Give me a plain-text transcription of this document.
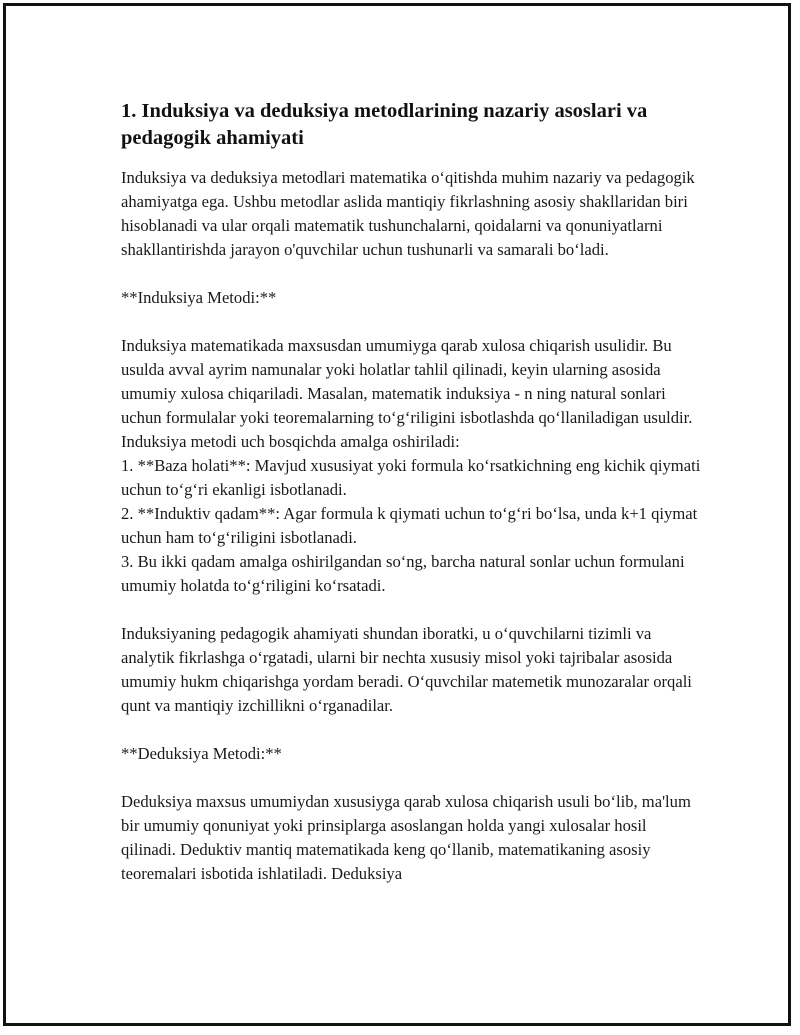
1. Induksiya va deduksiya metodlarining nazariy asoslari va pedagogik ahamiyati

Induksiya va deduksiya metodlari matematika o‘qitishda muhim nazariy va pedagogik ahamiyatga ega. Ushbu metodlar aslida mantiqiy fikrlashning asosiy shakllaridan biri hisoblanadi va ular orqali matematik tushunchalarni, qoidalarni va qonuniyatlarni shakllantirishda jarayon o'quvchilar uchun tushunarli va samarali bo‘ladi.

**Induksiya Metodi:**

Induksiya matematikada maxsusdan umumiyga qarab xulosa chiqarish usulidir. Bu usulda avval ayrim namunalar yoki holatlar tahlil qilinadi, keyin ularning asosida umumiy xulosa chiqariladi. Masalan, matematik induksiya - n ning natural sonlari uchun formulalar yoki teoremalarning to‘g‘riligini isbotlashda qo‘llaniladigan usuldir. Induksiya metodi uch bosqichda amalga oshiriladi:
1. **Baza holati**: Mavjud xususiyat yoki formula ko‘rsatkichning eng kichik qiymati uchun to‘g‘ri ekanligi isbotlanadi.
2. **Induktiv qadam**: Agar formula k qiymati uchun to‘g‘ri bo‘lsa, unda k+1 qiymat uchun ham to‘g‘riligini isbotlanadi.
3. Bu ikki qadam amalga oshirilgandan so‘ng, barcha natural sonlar uchun formulani umumiy holatda to‘g‘riligini ko‘rsatadi.

Induksiyaning pedagogik ahamiyati shundan iboratki, u o‘quvchilarni tizimli va analytik fikrlashga o‘rgatadi, ularni bir nechta xususiy misol yoki tajribalar asosida umumiy hukm chiqarishga yordam beradi. O‘quvchilar matemetik munozaralar orqali qunt va mantiqiy izchillikni o‘rganadilar.

**Deduksiya Metodi:**

Deduksiya maxsus umumiydan xususiyga qarab xulosa chiqarish usuli bo‘lib, ma'lum bir umumiy qonuniyat yoki prinsiplarga asoslangan holda yangi xulosalar hosil qilinadi. Deduktiv mantiq matematikada keng qo‘llanib, matematikaning asosiy teoremalari isbotida ishlatiladi. Deduksiya
